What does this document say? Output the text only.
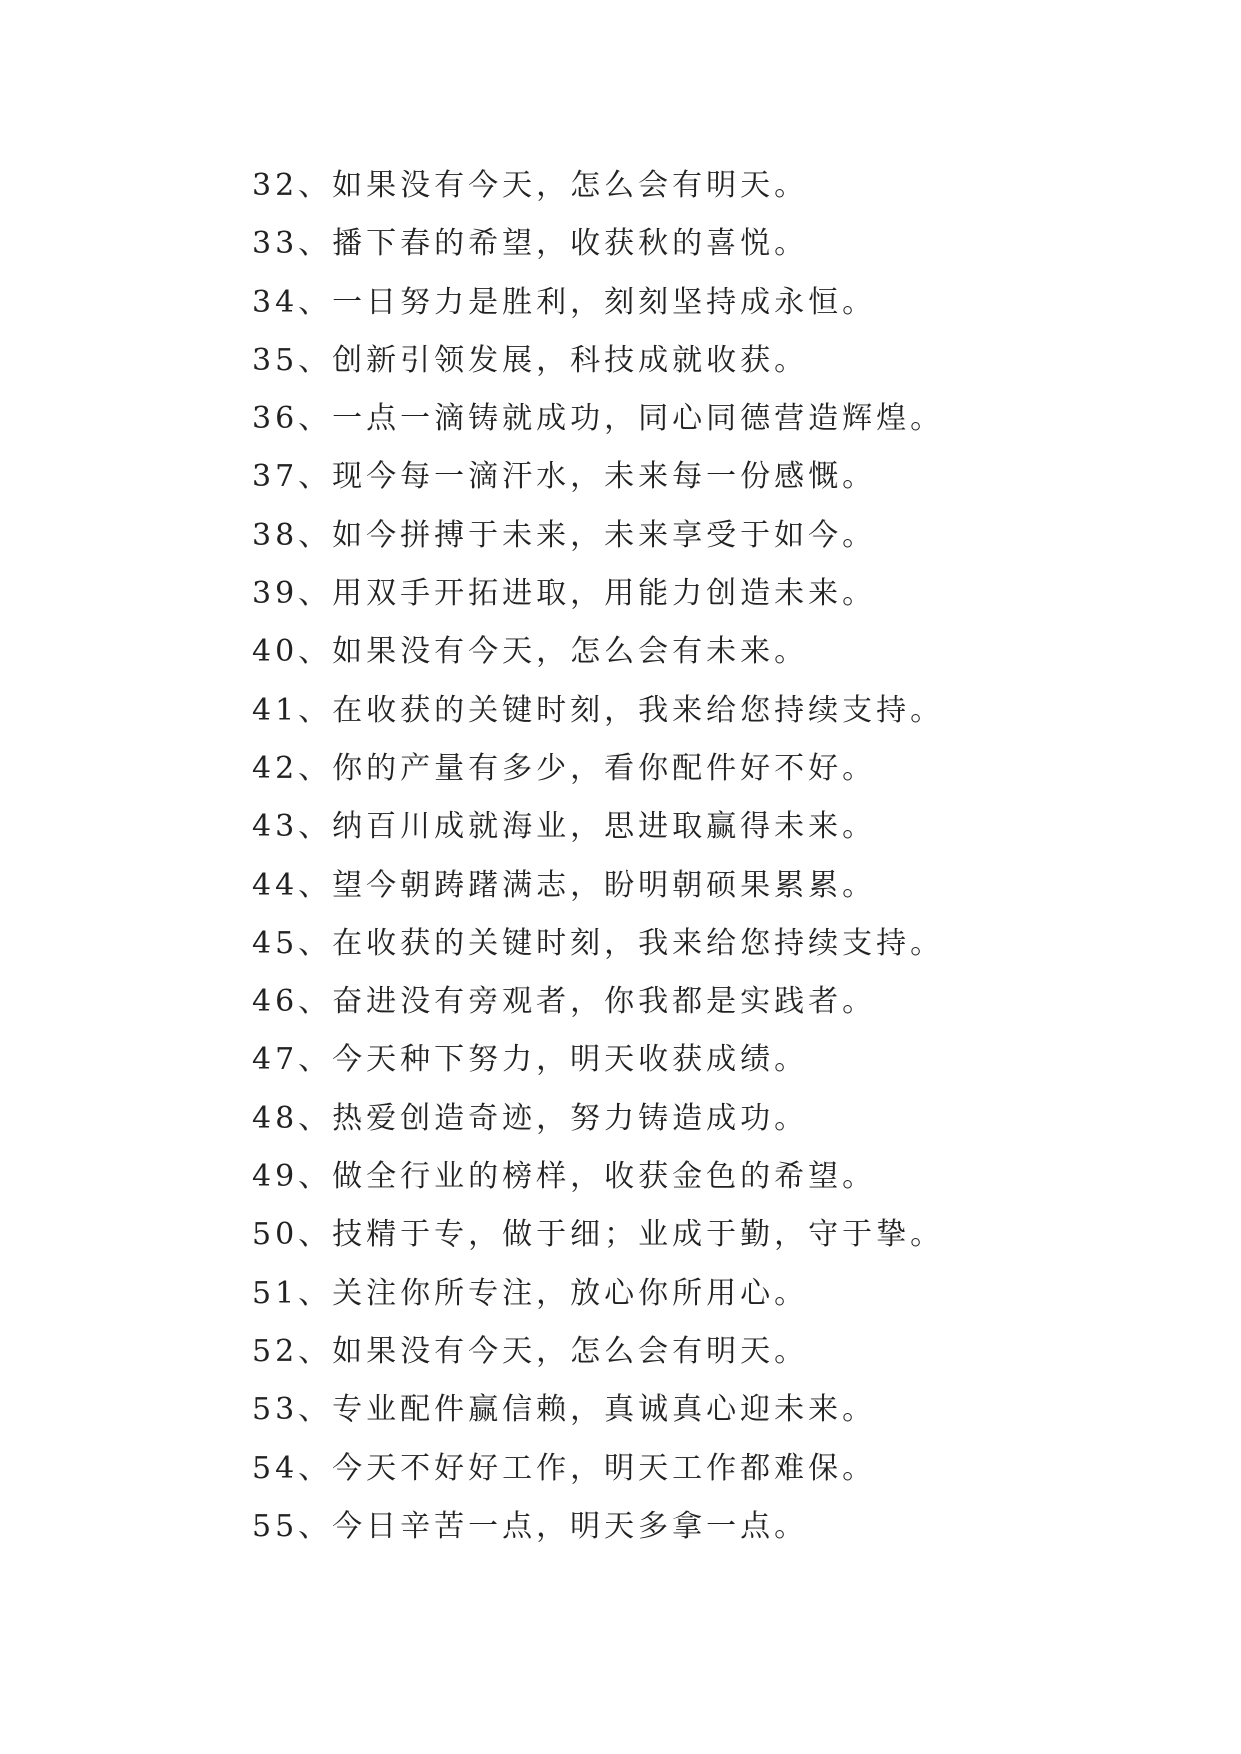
32、如果没有今天，怎么会有明天。
33、播下春的希望，收获秋的喜悦。
34、一日努力是胜利，刻刻坚持成永恒。
35、创新引领发展，科技成就收获。
36、一点一滴铸就成功，同心同德营造辉煌。
37、现今每一滴汗水，未来每一份感慨。
38、如今拼搏于未来，未来享受于如今。
39、用双手开拓进取，用能力创造未来。
40、如果没有今天，怎么会有未来。
41、在收获的关键时刻，我来给您持续支持。
42、你的产量有多少，看你配件好不好。
43、纳百川成就海业，思进取赢得未来。
44、望今朝踌躇满志，盼明朝硕果累累。
45、在收获的关键时刻，我来给您持续支持。
46、奋进没有旁观者，你我都是实践者。
47、今天种下努力，明天收获成绩。
48、热爱创造奇迹，努力铸造成功。
49、做全行业的榜样，收获金色的希望。
50、技精于专，做于细；业成于勤，守于挚。
51、关注你所专注，放心你所用心。
52、如果没有今天，怎么会有明天。
53、专业配件赢信赖，真诚真心迎未来。
54、今天不好好工作，明天工作都难保。
55、今日辛苦一点，明天多拿一点。
